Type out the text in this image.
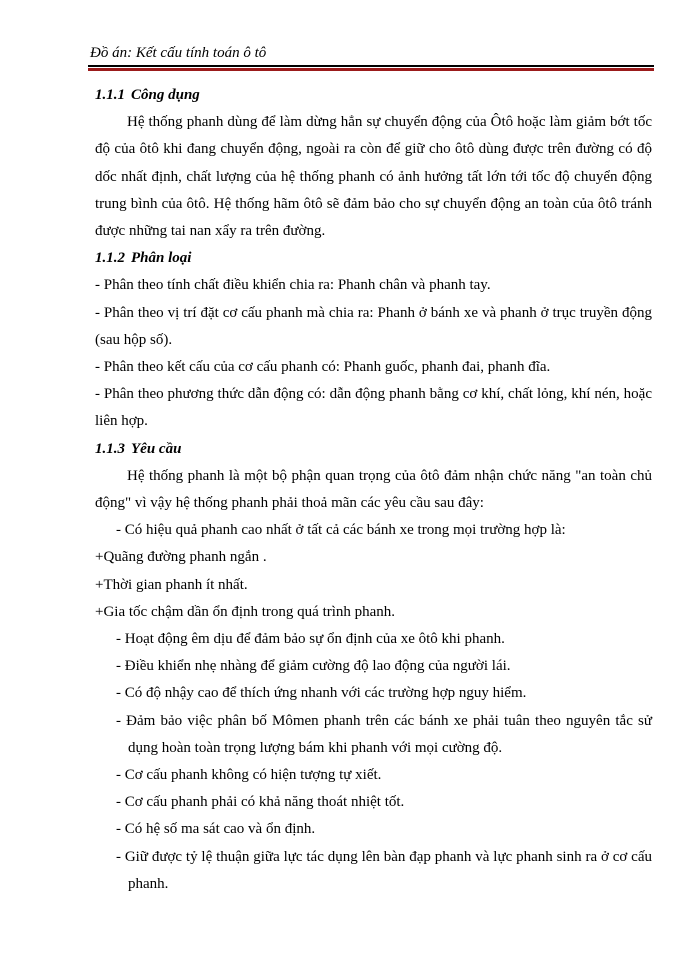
Đồ án: Kết cấu tính toán ô tô

1.1.1 Công dụng

Hệ thống phanh dùng để làm dừng hẳn sự chuyển động của Ôtô hoặc làm giảm bớt tốc độ của ôtô khi đang chuyển động, ngoài ra còn để giữ cho ôtô dùng được trên đường có độ dốc nhất định, chất lượng của hệ thống phanh có ảnh hưởng tất lớn tới tốc độ chuyển động trung bình của ôtô. Hệ thống hãm ôtô sẽ đảm bảo cho sự chuyển động an toàn của ôtô tránh được những tai nan xẩy ra trên đường.

1.1.2 Phân loại

- Phân theo tính chất điều khiển chia ra: Phanh chân và phanh tay.

- Phân theo vị trí đặt cơ cấu phanh mà chia ra: Phanh ở bánh xe và phanh ở trục truyền động (sau hộp số).

- Phân theo kết cấu của cơ cấu phanh có: Phanh guốc, phanh đai, phanh đĩa.

- Phân theo phương thức dẫn động có: dẫn động phanh bằng cơ khí, chất lỏng, khí nén, hoặc liên hợp.

1.1.3 Yêu cầu

Hệ thống phanh là một bộ phận quan trọng của ôtô đảm nhận chức năng "an toàn chủ động" vì vậy hệ thống phanh phải thoả mãn các yêu cầu sau đây:

- Có hiệu quả phanh cao nhất ở tất cả các bánh xe trong mọi trường hợp là:

+Quãng đường phanh ngắn .

+Thời gian phanh ít nhất.

+Gia tốc chậm dần ổn định trong quá trình phanh.

- Hoạt động êm dịu để đảm bảo sự ổn định của xe ôtô khi phanh.

- Điều khiển nhẹ nhàng để giảm cường độ lao động của người lái.

- Có độ nhậy cao để thích ứng nhanh với các trường hợp nguy hiểm.

- Đảm bảo việc phân bố Mômen phanh trên các bánh xe phải tuân theo nguyên tắc sử dụng hoàn toàn trọng lượng bám khi phanh với mọi cường độ.

- Cơ cấu phanh không có hiện tượng tự xiết.

- Cơ cấu phanh phải có khả năng thoát nhiệt tốt.

- Có hệ số ma sát cao và ổn định.

- Giữ được tỷ lệ thuận giữa lực tác dụng lên bàn đạp phanh và lực phanh sinh ra ở cơ cấu phanh.
